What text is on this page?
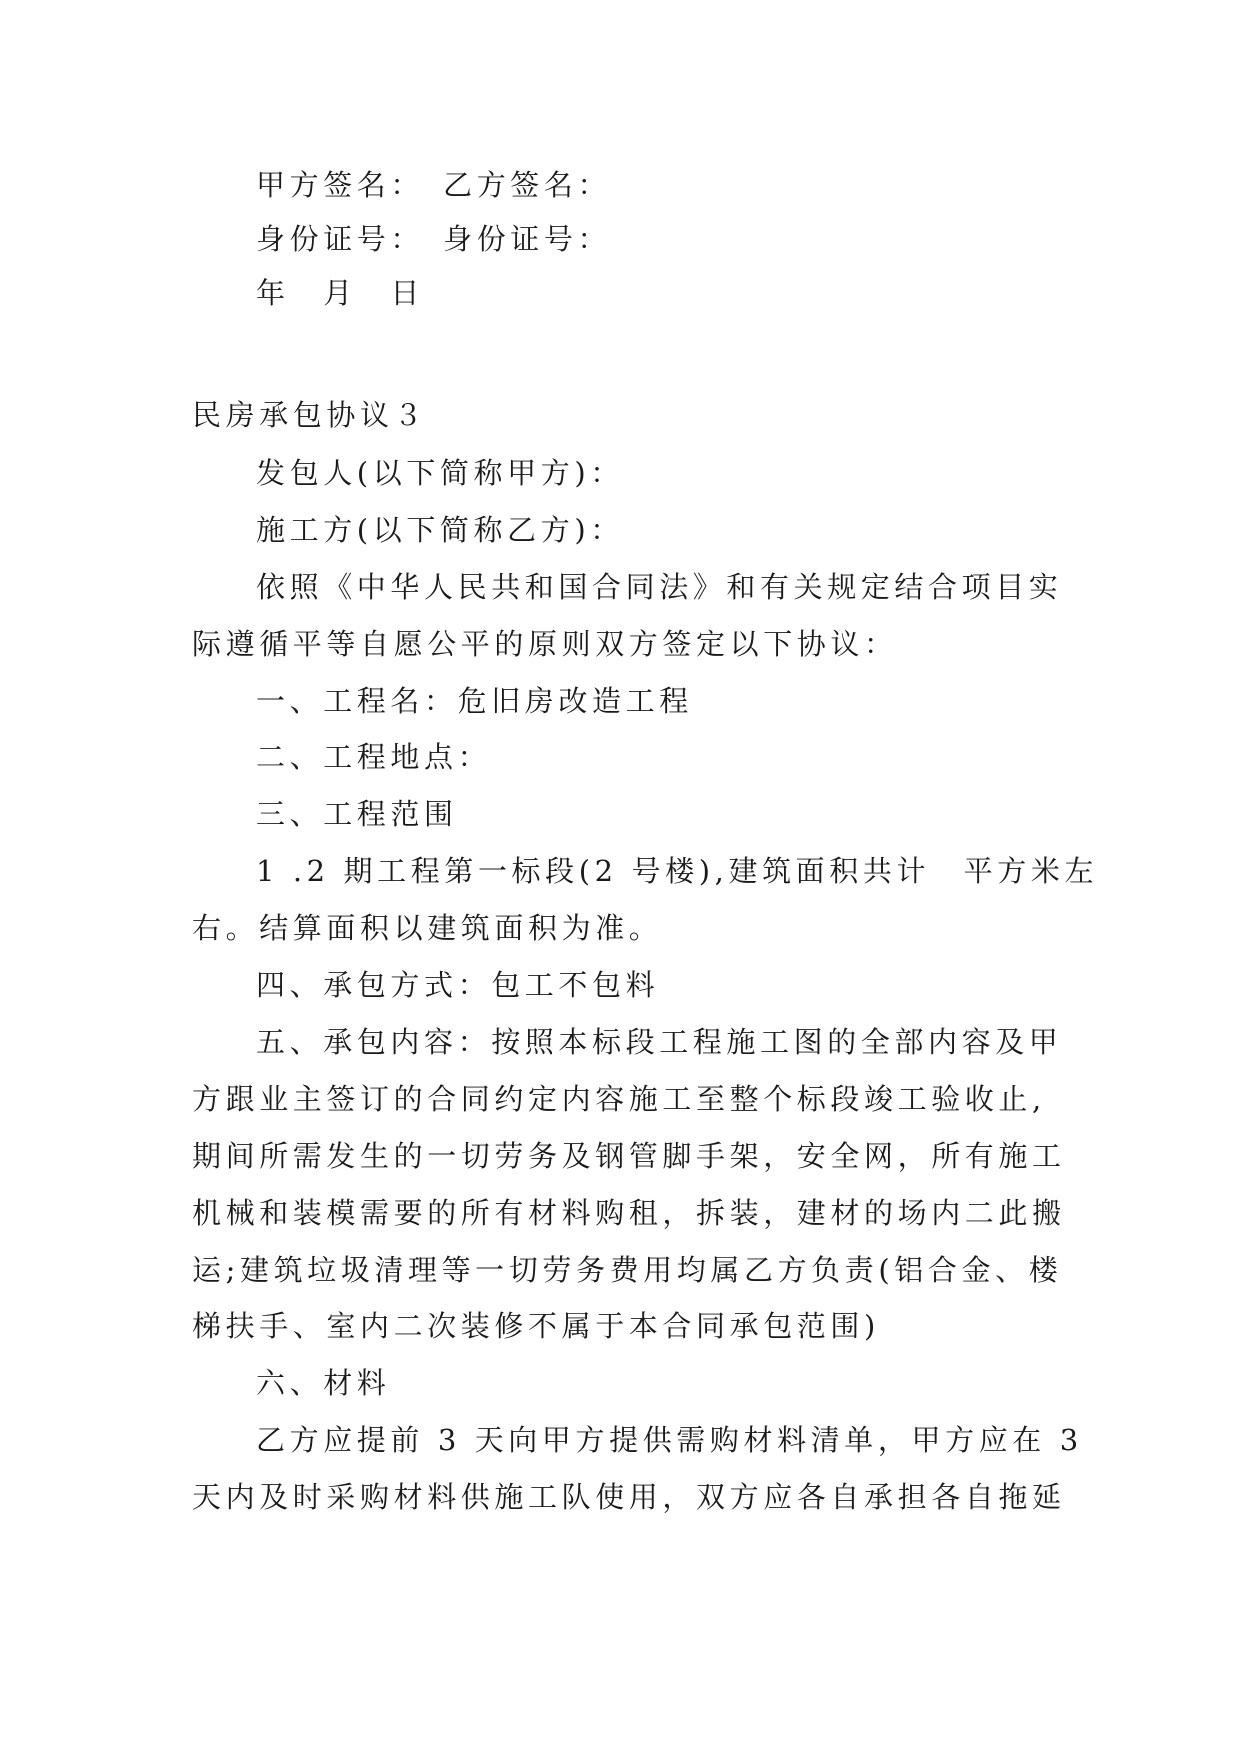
甲方签名：　乙方签名：
身份证号：　身份证号：
年　月　日
民房承包协议３
发包人(以下简称甲方)：
施工方(以下简称乙方)：
依照《中华人民共和国合同法》和有关规定结合项目实
际遵循平等自愿公平的原则双方签定以下协议：
一、工程名：危旧房改造工程
二、工程地点：
三、工程范围
1 .2 期工程第一标段(2 号楼),建筑面积共计　平方米左
右。结算面积以建筑面积为准。
四、承包方式：包工不包料
五、承包内容：按照本标段工程施工图的全部内容及甲
方跟业主签订的合同约定内容施工至整个标段竣工验收止,
期间所需发生的一切劳务及钢管脚手架，安全网，所有施工
机械和装模需要的所有材料购租，拆装，建材的场内二此搬
运;建筑垃圾清理等一切劳务费用均属乙方负责(铝合金、楼
梯扶手、室内二次装修不属于本合同承包范围)
六、材料
乙方应提前 3 天向甲方提供需购材料清单，甲方应在 3
天内及时采购材料供施工队使用，双方应各自承担各自拖延
